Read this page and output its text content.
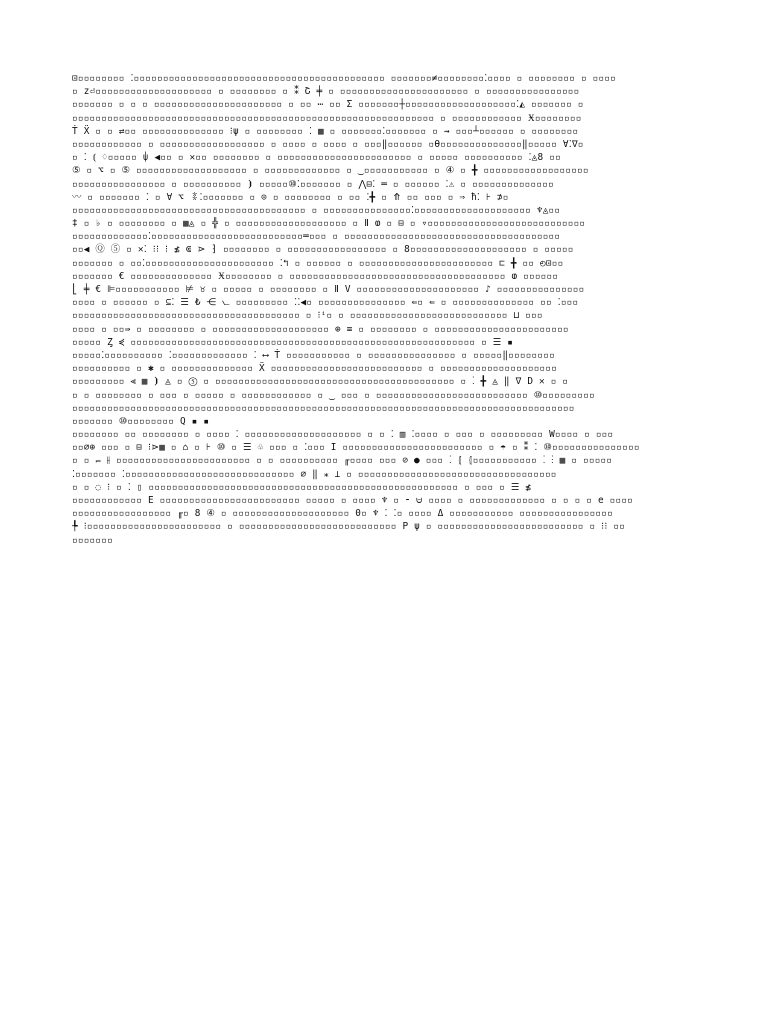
⊡▫▫▫▫▫▫▫▫ ⁚▫▫▫▫▫▫▫▫▫▫▫▫▫▫▫▫▫▫▫▫▫▫▫▫▫▫▫▫▫▫▫▫▫▫▫▫▫▫▫▫▫▫▫ ▫▫▫▫▫▫▫≠▫▫▫▫▫▫▫▫⁚▫▫▫▫ ▫ ▫▫▫▫▫▫▫▫ ▫ ▫▫▫▫
▫ z⏎▫▫▫▫▫▫▫▫▫▫▫▫▫▫▫▫▫▫▫▫ ▫ ▫▫▫▫▫▫▫▫ ▫ ⁑ Շ ╪ ▫ ▫▫▫▫▫▫▫▫▫▫▫▫▫▫▫▫▫▫▫▫▫▫ ▫ ▫▫▫▫▫▫▫▫▫▫▫▫▫▫▫▫
▫▫▫▫▫▫▫ ▫ ▫ ▫ ▫▫▫▫▫▫▫▫▫▫▫▫▫▫▫▫▫▫▫▫▫▫ ▫ ▫▫ ⋯ ▫▫ Σ ▫▫▫▫▫▫▫┼▫▫▫▫▫▫▫▫▫▫▫▫▫▫▫▫▫▫▫⁚◭ ▫▫▫▫▫▫▫ ▫
▫▫▫▫▫▫▫▫▫▫▫▫▫▫▫▫▫▫▫▫▫▫▫▫▫▫▫▫▫▫▫▫▫▫▫▫▫▫▫▫▫▫▫▫▫▫▫▫▫▫▫▫▫▫▫▫▫▫▫▫▫▫ ▫ ▫▫▫▫▫▫▫▫▫▫▫▫ Ӿ▫▫▫▫▫▫▫▫
Ṫ Ẍ ▫ ▫ ⇄▫▫ ▫▫▫▫▫▫▫▫▫▫▫▫▫▫ ⁝ψ ▫ ▫▫▫▫▫▫▫▫ ⁚ ▦ ▫ ▫▫▫▫▫▫▫⁚▫▫▫▫▫▫▫ ▫ ⇝ ▫▫▫┴▫▫▫▫▫▫ ▫ ▫▫▫▫▫▫▫▫
▫▫▫▫▫▫▫▫▫▫▫▫ ▫ ▫▫▫▫▫▫▫▫▫▫▫▫▫▫▫▫▫▫ ▫ ▫▫▫▫ ▫ ▫▫▫▫ ▫ ▫▫▫‖▫▫▫▫▫▫ ▫Ѳ▫▫▫▫▫▫▫▫▫▫▫▫▫▫‖▫▫▫▫▫ ∀⁚∇▫
▫ ⁚ ⦅ ♢▫▫▫▫▫ ⍦ ◀▫▫ ▫ ✕▫▫ ▫▫▫▫▫▫▫▫ ▫ ▫▫▫▫▫▫▫▫▫▫▫▫▫▫▫▫▫▫▫▫▫▫▫ ▫ ▫▫▫▫▫ ▫▫▫▫▫▫▫▫▫▫ ⁚◬8 ▫▫
⑤ ▫ ⌥ ▫ ⑤ ▫▫▫▫▫▫▫▫▫▫▫▫▫▫▫▫▫▫▫ ▫ ▫▫▫▫▫▫▫▫▫▫▫▫▫ ▫ ‿▫▫▫▫▫▫▫▫▫▫▫ ▫ ④ ▫ ╋ ▫▫▫▫▫▫▫▫▫▫▫▫▫▫▫▫▫▫
▫▫▫▫▫▫▫▫▫▫▫▫▫▫▫▫ ▫ ▫▫▫▫▫▫▫▫▫▫ ⦘ ▫▫▫▫▫⑩⁚▫▫▫▫▫▫▫ ▫ ⋀⊟⁚ ═ ▫ ▫▫▫▫▫▫ ⁚⚠ ▫ ▫▫▫▫▫▫▫▫▫▫▫▫▫▫
〰 ▫ ▫▫▫▫▫▫▫ ⁚ ▫ ∀ ⌥ ⁑⁚▫▫▫▫▫▫▫ ▫ ⊙ ▫ ▫▫▫▫▫▫▫▫ ▫ ▫▫ ⁚╋ ▫ ⤊ ▫▫ ▫▫▫ ▫ ⇒ ħ⁚ ⊦ ⊅▫
▫▫▫▫▫▫▫▫▫▫▫▫▫▫▫▫▫▫▫▫▫▫▫▫▫▫▫▫▫▫▫▫▫▫▫▫▫▫▫▫ ▫ ▫▫▫▫▫▫▫▫▫▫▫▫▫▫▫⁚▫▫▫▫▫▫▫▫▫▫▫▫▫▫▫▫▫▫▫▫ ♆◬▫▫
‡ ▫ ♭ ▫ ▫▫▫▫▫▫▫▫ ▫ ▦◬ ▫ ╬ ▫ ▫▫▫▫▫▫▫▫▫▫▫▫▫▫▫▫▫▫▫ ▫ Ⅱ ⱷ ▫ ⊟ ▫ ▿▫▫▫▫▫▫▫▫▫▫▫▫▫▫▫▫▫▫▫▫▫▫▫▫▫▫▫
▫▫▫▫▫▫▫▫▫▫▫▫▫⁚▫▫▫▫▫▫▫▫▫▫▫▫▫▫▫▫▫▫▫▫▫▫▫▫▫▫═▫▫▫ ▫ ▫▫▫▫▫▫▫▫▫▫▫▫▫▫▫▫▫▫▫▫▫▫▫▫▫▫▫▫▫▫▫▫▫▫▫▫▫
▫▫◀ Ⓠ ⑤ ▫ ✕⁚ ⁝⁝ ⁝ ≴ ⋐ ⋗ ⁆ ▫▫▫▫▫▫▫▫ ▫ ▫▫▫▫▫▫▫▫▫▫▫▫▫▫▫▫▫ ▫ 8▫▫▫▫▫▫▫▫▫▫▫▫▫▫▫▫▫▫▫▫ ▫ ▫▫▫▫▫
▫▫▫▫▫▫▫ ▫ ▫▫⁚▫▫▫▫▫▫▫▫▫▫▫▫▫▫▫▫▫▫▫▫▫▫ ⁚↰ ▫ ▫▫▫▫▫▫ ▫ ▫▫▫▫▫▫▫▫▫▫▫▫▫▫▫▫▫▫▫▫▫▫▫ ⊏ ╋ ▫▫ ◴⊡▫▫
▫▫▫▫▫▫▫ € ▫▫▫▫▫▫▫▫▫▫▫▫▫▫ Ӿ▫▫▫▫▫▫▫▫ ▫ ▫▫▫▫▫▫▫▫▫▫▫▫▫▫▫▫▫▫▫▫▫▫▫▫▫▫▫▫▫▫▫▫▫▫▫▫▫ ⱷ ▫▫▫▫▫▫
⎣ ╪ € ⊫▫▫▫▫▫▫▫▫▫▫▫ ⊭ ♉ ▫ ▫▫▫▫▫ ▫ ▫▫▫▫▫▫▫▫ ▫ Ⅱ V ▫▫▫▫▫▫▫▫▫▫▫▫▫▫▫▫▫▫▫▫▫ ♪ ▫▫▫▫▫▫▫▫▫▫▫▫▫▫▫
▫▫▫▫ ▫ ▫▫▫▫▫▫ ▫ ⊆⁚ ☰ ₺ ⋲ ⦦ ▫▫▫▫▫▫▫▫▫ ⁚⁚◀▫ ▫▫▫▫▫▫▫▫▫▫▫▫▫▫▫ ⇚▫ ⇚ ▫ ▫▫▫▫▫▫▫▫▫▫▫▫▫▫ ▫▫ ⁚▫▫▫
▫▫▫▫▫▫▫▫▫▫▫▫▫▫▫▫▫▫▫▫▫▫▫▫▫▫▫▫▫▫▫▫▫▫▫▫▫▫▫ ▫ ⁝ⁱ▫ ▫ ▫▫▫▫▫▫▫▫▫▫▫▫▫▫▫▫▫▫▫▫▫▫▫▫▫▫▫ ⊔ ▫▫▫
▫▫▫▫ ▫ ▫▫⇛ ▫ ▫▫▫▫▫▫▫▫ ▫ ▫▫▫▫▫▫▫▫▫▫▫▫▫▫▫▫▫▫▫▫ ⊕ ≡ ▫ ▫▫▫▫▫▫▫▫ ▫ ▫▫▫▫▫▫▫▫▫▫▫▫▫▫▫▫▫▫▫▫▫▫▫
▫▫▫▫▫ Ȥ ⋞ ▫▫▫▫▫▫▫▫▫▫▫▫▫▫▫▫▫▫▫▫▫▫▫▫▫▫▫▫▫▫▫▫▫▫▫▫▫▫▫▫▫▫▫▫▫▫▫▫▫▫▫▫▫▫▫▫▫▫▫ ▫ ☰ ▪
▫▫▫▫▫⁚▫▫▫▫▫▫▫▫▫▫ ⁚▫▫▫▫▫▫▫▫▫▫▫▫▫ ⁚ ⟷ Ṫ ▫▫▫▫▫▫▫▫▫▫▫ ▫ ▫▫▫▫▫▫▫▫▫▫▫▫▫▫▫ ▫ ▫▫▫▫▫‖▫▫▫▫▫▫▫▫
▫▫▫▫▫▫▫▫▫▫ ▫ ✱ ▫ ▫▫▫▫▫▫▫▫▫▫▫▫▫▫ Ẍ ▫▫▫▫▫▫▫▫▫▫▫▫▫▫▫▫▫▫▫▫▫▫▫▫▫▫ ▫ ▫▫▫▫▫▫▫▫▫▫▫▫▫▫▫▫▫▫▫▫
▫▫▫▫▫▫▫▫▫ ⫷ ▦ ⦘ ◬ ▫ ⑤ ▫ ▫▫▫▫▫▫▫▫▫▫▫▫▫▫▫▫▫▫▫▫▫▫▫▫▫▫▫▫▫▫▫▫▫▫▫▫▫▫▫▫▫ ▫ ⁚ ╋ ◬ ‖ ∇ D ✕ ▫ ▫
▫ ▫ ▫▫▫▫▫▫▫▫ ▫ ▫▫▫ ▫ ▫▫▫▫▫ ▫ ▫▫▫▫▫▫▫▫▫▫▫▫ ▫ ‿ ▫▫▫ ▫ ▫▫▫▫▫▫▫▫▫▫▫▫▫▫▫▫▫▫▫▫▫▫▫▫▫▫ ⑩▫▫▫▫▫▫▫▫▫
▫▫▫▫▫▫▫▫▫▫▫▫▫▫▫▫▫▫▫▫▫▫▫▫▫▫▫▫▫▫▫▫▫▫▫▫▫▫▫▫▫▫▫▫▫▫▫▫▫▫▫▫▫▫▫▫▫▫▫▫▫▫▫▫▫▫▫▫▫▫▫▫▫▫▫▫▫▫▫▫▫▫▫▫▫▫
▫▫▫▫▫▫▫ ⑩▫▫▫▫▫▫▫▫ Q ▪ ▪
▫▫▫▫▫▫▫▫ ▫▫ ▫▫▫▫▫▫▫▫ ▫ ▫▫▫▫ ⁚ ▫▫▫▫▫▫▫▫▫▫▫▫▫▫▫▫▫▫▫▫ ▫ ▫ ⁚ ▥ ⁚▫▫▫▫ ▫ ▫▫▫ ▫ ▫▫▫▫▫▫▫▫▫ W▫▫▫▫ ▫ ▫▫▫
▫▫⌀⊕ ▫▫▫ ▫ ⊟ ⁝⋗▦ ▫ ⌂ ▫ ⊦ ⑩ ▫ ☰ ♧ ▫▫▫ ▫ ⁚▫▫▫ I ▫▫▫▫▫▫▫▫▫▫▫▫▫▫▫▫▫▫▫▫▫▫▫▫ ▫ ☂ ▫ ⁑ ⁚ ⑩▫▫▫▫▫▫▫▫▫▫▫▫▫▫▫
▫ ▫ ⫭ ⫲ ▫▫▫▫▫▫▫▫▫▫▫▫▫▫▫▫▫▫▫▫▫▫▫ ▫ ▫ ▫▫▫▫▫▫▫▫▫▫ ╓▫▫▫▫ ▫▫▫ ⊘ ● ▫▫▫ ⁚ ⦃ ⦃▫▫▫▫▫▫▫▫▫▫▫ ⁚ ⁝ ▦ ▫ ▫▫▫▫▫
⁚▫▫▫▫▫▫▫ ⁚▫▫▫▫▫▫▫▫▫▫▫▫▫▫▫▫▫▫▫▫▫▫▫▫▫▫▫▫▫ ⌀ ‖ ⁎ ⊥ ▫ ▫▫▫▫▫▫▫▫▫▫▫▫▫▫▫▫▫▫▫▫▫▫▫▫▫▫▫▫▫▫▫▫▫▫
▫ ▫ ◌ ⁝ ▫ ⁚ ▯ ▫▫▫▫▫▫▫▫▫▫▫▫▫▫▫▫▫▫▫▫▫▫▫▫▫▫▫▫▫▫▫▫▫▫▫▫▫▫▫▫▫▫▫▫▫▫▫▫▫▫▫▫▫ ▫ ▫▫▫ ▫ ☰ ≴
▫▫▫▫▫▫▫▫▫▫▫▫ E ▫▫▫▫▫▫▫▫▫▫▫▫▫▫▫▫▫▫▫▫▫▫▫▫ ▫▫▫▫▫ ▫ ▫▫▫▫ ♆ ▫ ⁃ ⩁ ▫▫▫▫ ▫ ▫▫▫▫▫▫▫▫▫▫▫▫▫ ▫ ▫ ▫ ▫ e ▫▫▫▫
▫▫▫▫▫▫▫▫▫▫▫▫▫▫▫▫▫ ╓▫ 8 ④ ▫ ▫▫▫▫▫▫▫▫▫▫▫▫▫▫▫▫▫▫▫▫ 0▫ ♆ ⁚ ⁚▫ ▫▫▫▫ Δ ▫▫▫▫▫▫▫▫▫▫▫ ▫▫▫▫▫▫▫▫▫▫▫▫▫▫▫▫
╄ ⁝▫▫▫▫▫▫▫▫▫▫▫▫▫▫▫▫▫▫▫▫▫▫▫ ▫ ▫▫▫▫▫▫▫▫▫▫▫▫▫▫▫▫▫▫▫▫▫▫▫▫▫▫▫ P ψ ▫ ▫▫▫▫▫▫▫▫▫▫▫▫▫▫▫▫▫▫▫▫▫▫▫▫▫ ▫ ⁝⁝ ▫▫
▫▫▫▫▫▫▫
